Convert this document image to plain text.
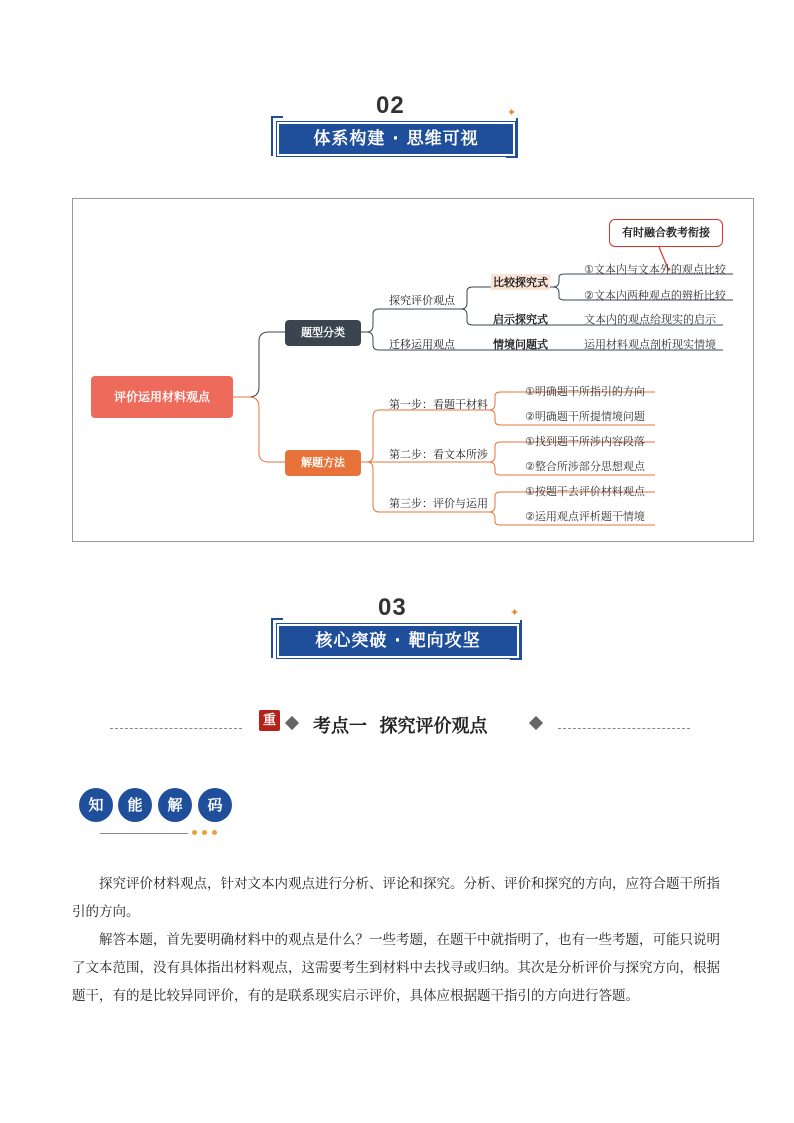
02	✦
体系构建 · 思维可视
评价运用材料观点
题型分类
解题方法
有时融合教考衔接
探究评价观点
迁移运用观点
比较探究式
启示探究式
情境问题式
①文本内与文本外的观点比较
②文本内两种观点的辨析比较
文本内的观点给现实的启示
运用材料观点剖析现实情境
第一步：看题干材料
第二步：看文本所涉
第三步：评价与运用
①明确题干所指引的方向
②明确题干所提情境问题
①找到题干所涉内容段落
②整合所涉部分思想观点
①按题干去评价材料观点
②运用观点评析题干情境
03	✦
核心突破 · 靶向攻坚
重 考点一  探究评价观点
知	能	解	码
探究评价材料观点，针对文本内观点进行分析、评论和探究。分析、评价和探究的方向，应符合题干所指引的方向。
解答本题，首先要明确材料中的观点是什么？一些考题，在题干中就指明了，也有一些考题，可能只说明了文本范围，没有具体指出材料观点，这需要考生到材料中去找寻或归纳。其次是分析评价与探究方向，根据题干，有的是比较异同评价，有的是联系现实启示评价，具体应根据题干指引的方向进行答题。
